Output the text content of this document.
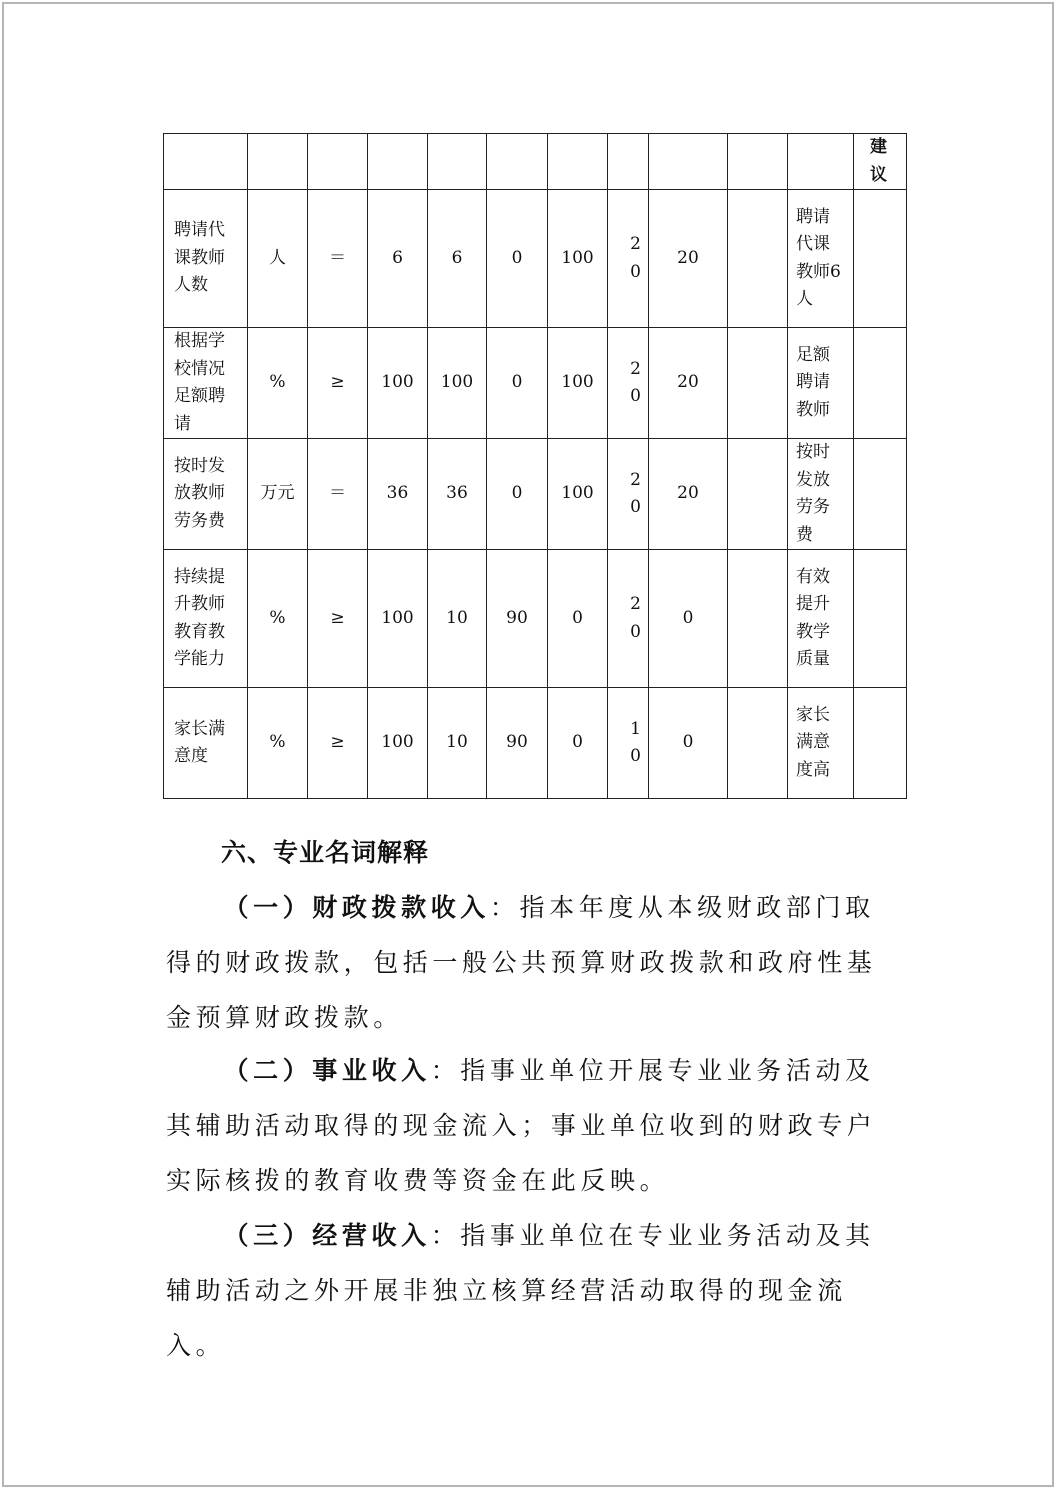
											建议
聘请代课教师人数	人	＝	6	6	0	100	20	20		聘请代课教师6人	
根据学校情况足额聘请	%	≥	100	100	0	100	20	20		足额聘请教师	
按时发放教师劳务费	万元	＝	36	36	0	100	20	20		按时发放劳务费	
持续提升教师教育教学能力	%	≥	100	10	90	0	20	0		有效提升教学质量	
家长满意度	%	≥	100	10	90	0	10	0		家长满意度高	
六、专业名词解释

（一）财政拨款收入：指本年度从本级财政部门取得的财政拨款，包括一般公共预算财政拨款和政府性基金预算财政拨款。

（二）事业收入：指事业单位开展专业业务活动及其辅助活动取得的现金流入；事业单位收到的财政专户实际核拨的教育收费等资金在此反映。

（三）经营收入：指事业单位在专业业务活动及其辅助活动之外开展非独立核算经营活动取得的现金流入。
